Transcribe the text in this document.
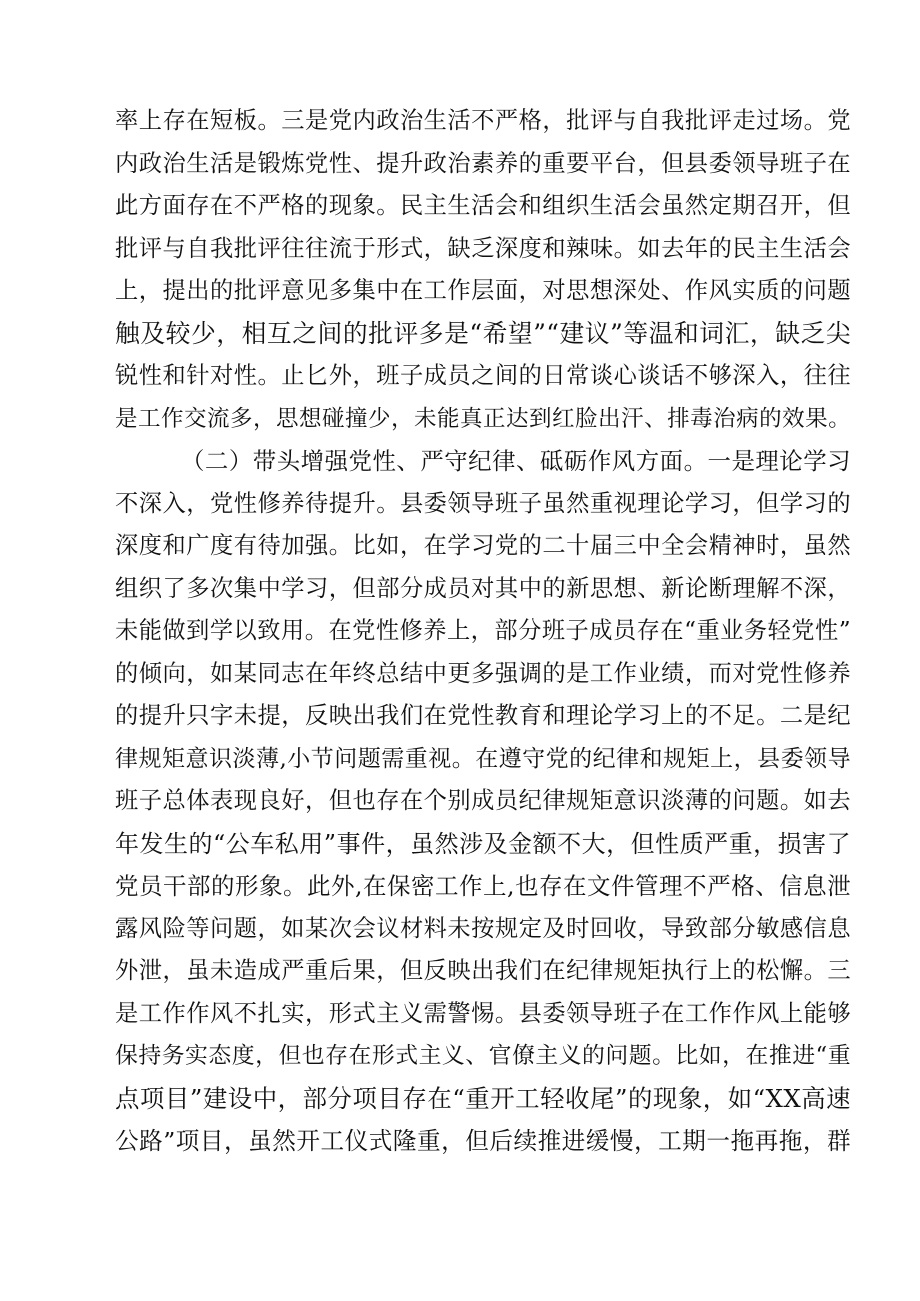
率上存在短板。三是党内政治生活不严格，批评与自我批评走过场。党
内政治生活是锻炼党性、提升政治素养的重要平台，但县委领导班子在
此方面存在不严格的现象。民主生活会和组织生活会虽然定期召开，但
批评与自我批评往往流于形式，缺乏深度和辣味。如去年的民主生活会
上，提出的批评意见多集中在工作层面，对思想深处、作风实质的问题
触及较少，相互之间的批评多是“希望”“建议”等温和词汇，缺乏尖
锐性和针对性。止匕外，班子成员之间的日常谈心谈话不够深入，往往
是工作交流多，思想碰撞少，未能真正达到红脸出汗、排毒治病的效果。
（二）带头增强党性、严守纪律、砥砺作风方面。一是理论学习
不深入，党性修养待提升。县委领导班子虽然重视理论学习，但学习的
深度和广度有待加强。比如，在学习党的二十届三中全会精神时，虽然
组织了多次集中学习，但部分成员对其中的新思想、新论断理解不深，
未能做到学以致用。在党性修养上，部分班子成员存在“重业务轻党性”
的倾向，如某同志在年终总结中更多强调的是工作业绩，而对党性修养
的提升只字未提，反映出我们在党性教育和理论学习上的不足。二是纪
律规矩意识淡薄,小节问题需重视。在遵守党的纪律和规矩上，县委领导
班子总体表现良好，但也存在个别成员纪律规矩意识淡薄的问题。如去
年发生的“公车私用”事件，虽然涉及金额不大，但性质严重，损害了
党员干部的形象。此外,在保密工作上,也存在文件管理不严格、信息泄
露风险等问题，如某次会议材料未按规定及时回收，导致部分敏感信息
外泄，虽未造成严重后果，但反映出我们在纪律规矩执行上的松懈。三
是工作作风不扎实，形式主义需警惕。县委领导班子在工作作风上能够
保持务实态度，但也存在形式主义、官僚主义的问题。比如，在推进“重
点项目”建设中，部分项目存在“重开工轻收尾”的现象，如“XX高速
公路”项目，虽然开工仪式隆重，但后续推进缓慢，工期一拖再拖，群
